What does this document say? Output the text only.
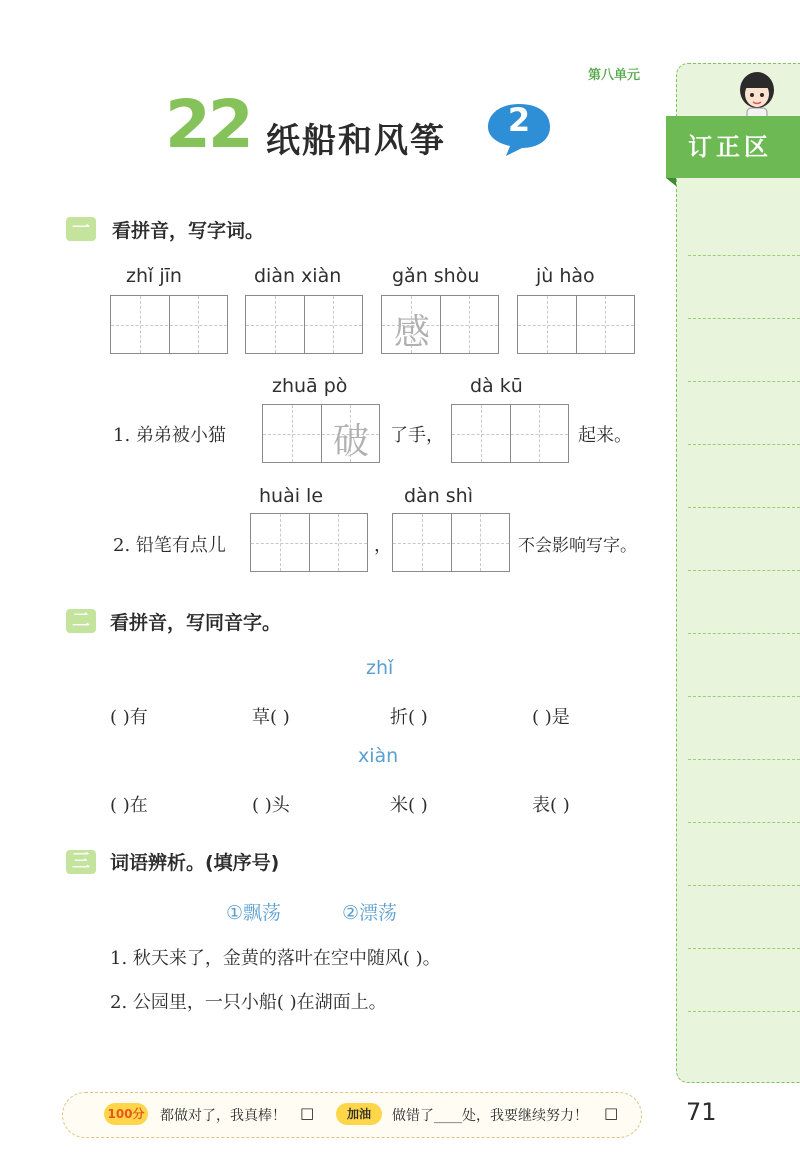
第八单元
22 纸船和风筝
2
订正区
一	看拼音，写字词。
zhǐ jīn	diàn xiàn	gǎn shòu	jù hào
感
zhuā pò	dà kū
1. 弟弟被小猫	破	了手，	起来。
huài le	dàn shì
2. 铅笔有点儿	，	不会影响写字。
二	看拼音，写同音字。
zhǐ
( )有	草( )	折( )	( )是
xiàn
( )在	( )头	米( )	表( )
三	词语辨析。(填序号)
①飘荡	②漂荡
1. 秋天来了，金黄的落叶在空中随风( )。
2. 公园里，一只小船( )在湖面上。
100分 都做对了，我真棒！ □	加油	做错了____处，我要继续努力！ □	71
